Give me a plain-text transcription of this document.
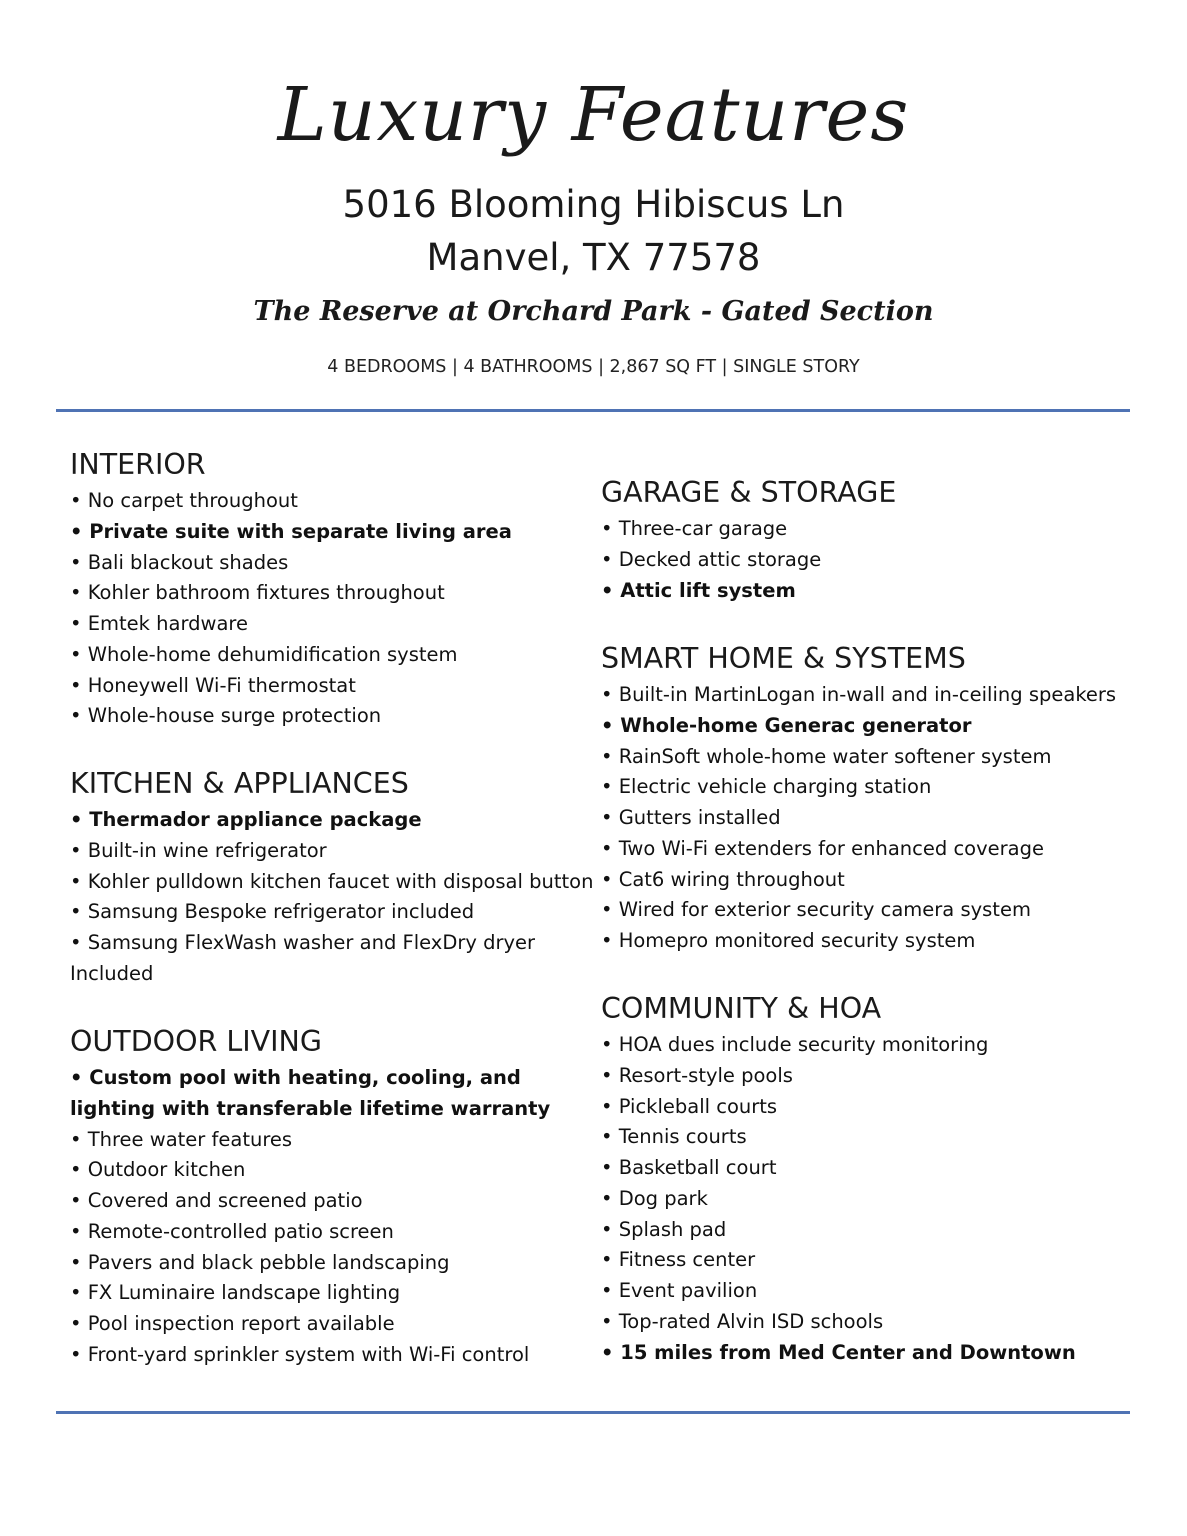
Luxury Features
5016 Blooming Hibiscus Ln
Manvel, TX 77578
The Reserve at Orchard Park - Gated Section
4 BEDROOMS | 4 BATHROOMS | 2,867 SQ FT | SINGLE STORY
INTERIOR
• No carpet throughout
• Private suite with separate living area
• Bali blackout shades
• Kohler bathroom fixtures throughout
• Emtek hardware
• Whole-home dehumidification system
• Honeywell Wi-Fi thermostat
• Whole-house surge protection
KITCHEN & APPLIANCES
• Thermador appliance package
• Built-in wine refrigerator
• Kohler pulldown kitchen faucet with disposal button
• Samsung Bespoke refrigerator included
• Samsung FlexWash washer and FlexDry dryer Included
OUTDOOR LIVING
• Custom pool with heating, cooling, and lighting with transferable lifetime warranty
• Three water features
• Outdoor kitchen
• Covered and screened patio
• Remote-controlled patio screen
• Pavers and black pebble landscaping
• FX Luminaire landscape lighting
• Pool inspection report available
• Front-yard sprinkler system with Wi-Fi control
GARAGE & STORAGE
• Three-car garage
• Decked attic storage
• Attic lift system
SMART HOME & SYSTEMS
• Built-in MartinLogan in-wall and in-ceiling speakers
• Whole-home Generac generator
• RainSoft whole-home water softener system
• Electric vehicle charging station
• Gutters installed
• Two Wi-Fi extenders for enhanced coverage
• Cat6 wiring throughout
• Wired for exterior security camera system
• Homepro monitored security system
COMMUNITY & HOA
• HOA dues include security monitoring
• Resort-style pools
• Pickleball courts
• Tennis courts
• Basketball court
• Dog park
• Splash pad
• Fitness center
• Event pavilion
• Top-rated Alvin ISD schools
• 15 miles from Med Center and Downtown
